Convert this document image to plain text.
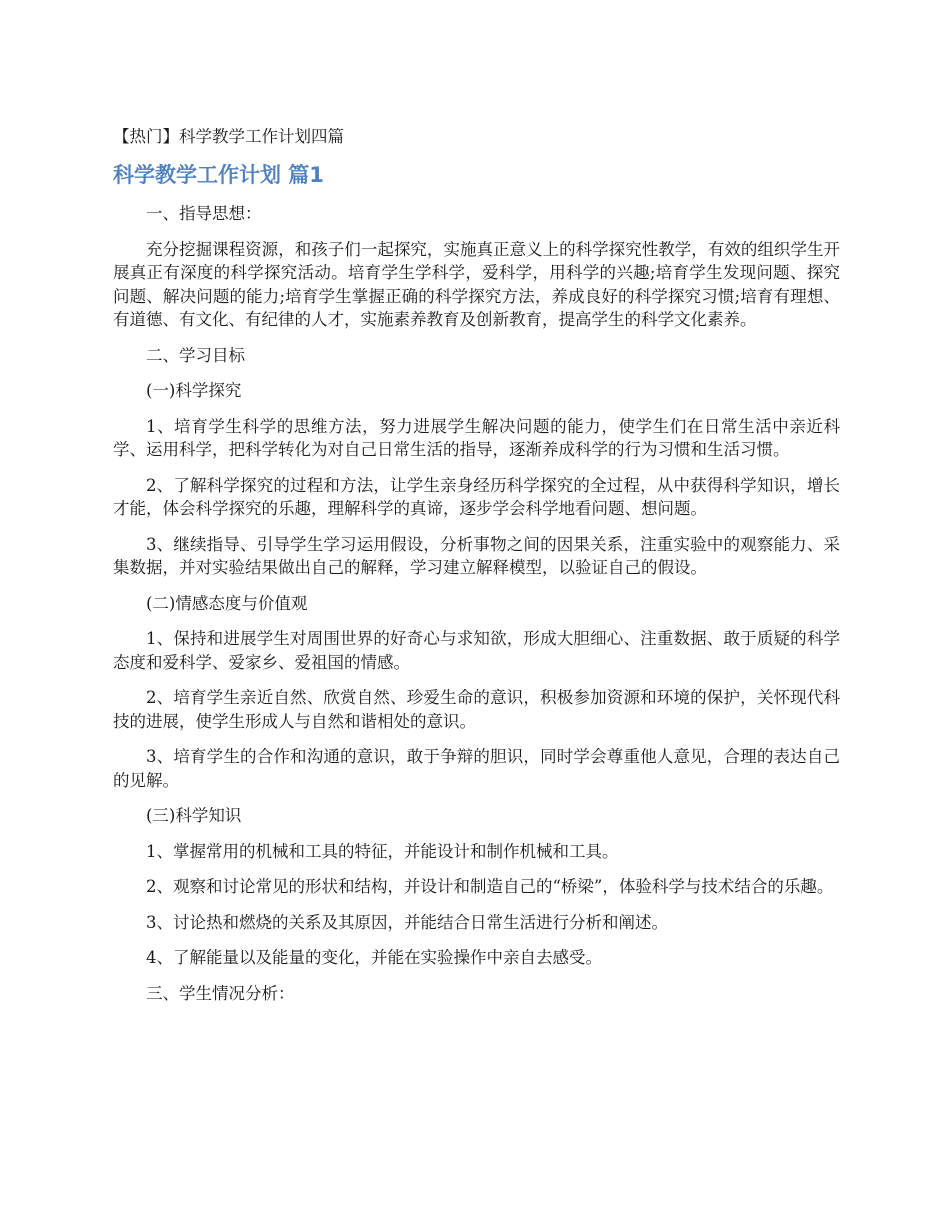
【热门】科学教学工作计划四篇
科学教学工作计划 篇1

一、指导思想：

充分挖掘课程资源，和孩子们一起探究，实施真正意义上的科学探究性教学，有效的组织学生开展真正有深度的科学探究活动。培育学生学科学，爱科学，用科学的兴趣;培育学生发现问题、探究问题、解决问题的能力;培育学生掌握正确的科学探究方法，养成良好的科学探究习惯;培育有理想、有道德、有文化、有纪律的人才，实施素养教育及创新教育，提高学生的科学文化素养。

二、学习目标

(一)科学探究

1、培育学生科学的思维方法，努力进展学生解决问题的能力，使学生们在日常生活中亲近科学、运用科学，把科学转化为对自己日常生活的指导，逐渐养成科学的行为习惯和生活习惯。

2、了解科学探究的过程和方法，让学生亲身经历科学探究的全过程，从中获得科学知识，增长才能，体会科学探究的乐趣，理解科学的真谛，逐步学会科学地看问题、想问题。

3、继续指导、引导学生学习运用假设，分析事物之间的因果关系，注重实验中的观察能力、采集数据，并对实验结果做出自己的解释，学习建立解释模型，以验证自己的假设。

(二)情感态度与价值观

1、保持和进展学生对周围世界的好奇心与求知欲，形成大胆细心、注重数据、敢于质疑的科学态度和爱科学、爱家乡、爱祖国的情感。

2、培育学生亲近自然、欣赏自然、珍爱生命的意识，积极参加资源和环境的保护，关怀现代科技的进展，使学生形成人与自然和谐相处的意识。

3、培育学生的合作和沟通的意识，敢于争辩的胆识，同时学会尊重他人意见，合理的表达自己的见解。

(三)科学知识

1、掌握常用的机械和工具的特征，并能设计和制作机械和工具。

2、观察和讨论常见的形状和结构，并设计和制造自己的“桥梁”，体验科学与技术结合的乐趣。

3、讨论热和燃烧的关系及其原因，并能结合日常生活进行分析和阐述。

4、了解能量以及能量的变化，并能在实验操作中亲自去感受。

三、学生情况分析：
